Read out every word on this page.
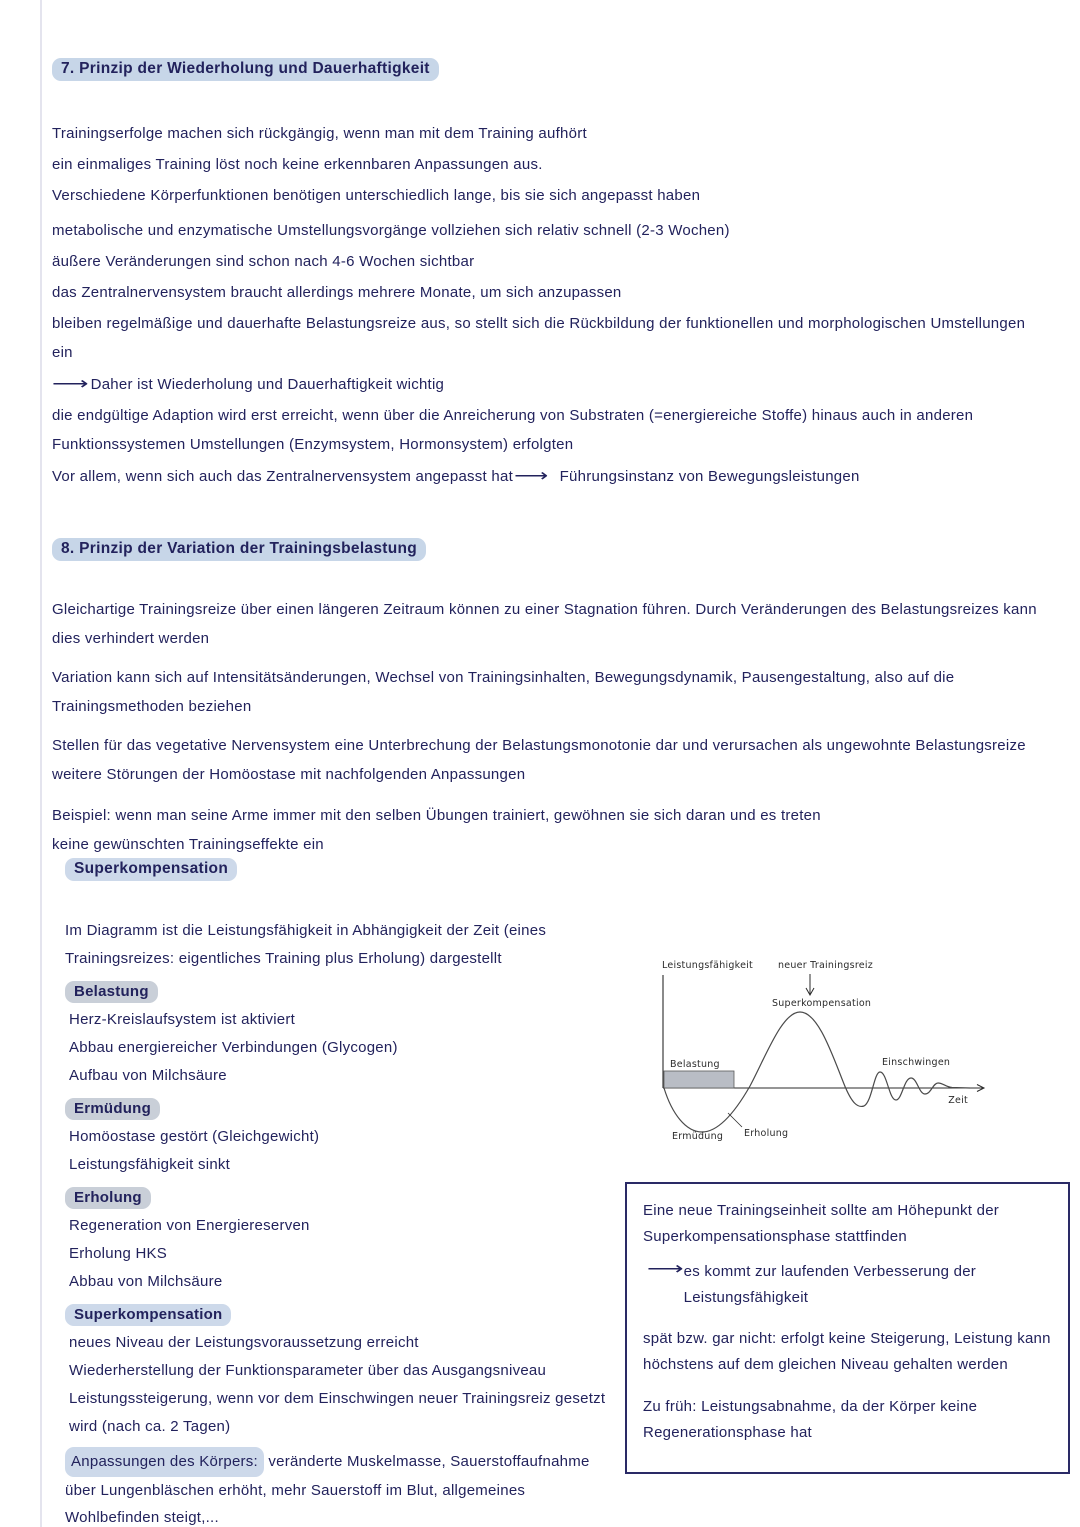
7. Prinzip der Wiederholung und Dauerhaftigkeit

Trainingserfolge machen sich rückgängig, wenn man mit dem Training aufhört

ein einmaliges Training löst noch keine erkennbaren Anpassungen aus.

Verschiedene Körperfunktionen benötigen unterschiedlich lange, bis sie sich angepasst haben

metabolische und enzymatische Umstellungsvorgänge vollziehen sich relativ schnell (2-3 Wochen)

äußere Veränderungen sind schon nach 4-6 Wochen sichtbar

das Zentralnervensystem braucht allerdings mehrere Monate, um sich anzupassen

bleiben regelmäßige und dauerhafte Belastungsreize aus, so stellt sich die Rückbildung der funktionellen und morphologischen Umstellungen ein

⟶ Daher ist Wiederholung und Dauerhaftigkeit wichtig

die endgültige Adaption wird erst erreicht, wenn über die Anreicherung von Substraten (=energiereiche Stoffe) hinaus auch in anderen Funktionssystemen Umstellungen (Enzymsystem, Hormonsystem) erfolgten

Vor allem, wenn sich auch das Zentralnervensystem angepasst hat⟶ Führungsinstanz von Bewegungsleistungen

8. Prinzip der Variation der Trainingsbelastung

Gleichartige Trainingsreize über einen längeren Zeitraum können zu einer Stagnation führen. Durch Veränderungen des Belastungsreizes kann dies verhindert werden

Variation kann sich auf Intensitätsänderungen, Wechsel von Trainingsinhalten, Bewegungsdynamik, Pausengestaltung, also auf die Trainingsmethoden beziehen

Stellen für das vegetative Nervensystem eine Unterbrechung der Belastungsmonotonie dar und verursachen als ungewohnte Belastungsreize weitere Störungen der Homöostase mit nachfolgenden Anpassungen

Beispiel: wenn man seine Arme immer mit den selben Übungen trainiert, gewöhnen sie sich daran und es treten keine gewünschten Trainingseffekte ein

Superkompensation

Im Diagramm ist die Leistungsfähigkeit in Abhängigkeit der Zeit (eines Trainingsreizes: eigentliches Training plus Erholung) dargestellt

Belastung

Herz-Kreislaufsystem ist aktiviert

Abbau energiereicher Verbindungen (Glycogen)

Aufbau von Milchsäure

Ermüdung

Homöostase gestört (Gleichgewicht)

Leistungsfähigkeit sinkt

Erholung

Regeneration von Energiereserven

Erholung HKS

Abbau von Milchsäure

Superkompensation

neues Niveau der Leistungsvoraussetzung erreicht

Wiederherstellung der Funktionsparameter über das Ausgangsniveau

Leistungssteigerung, wenn vor dem Einschwingen neuer Trainingsreiz gesetzt wird (nach ca. 2 Tagen)

Anpassungen des Körpers: veränderte Muskelmasse, Sauerstoffaufnahme über Lungenbläschen erhöht, mehr Sauerstoff im Blut, allgemeines Wohlbefinden steigt,...

Leistungsfähigkeit	neuer Trainingsreiz
Superkompensation
Belastung	Einschwingen
Zeit
Ermüdung Erholung

Eine neue Trainingseinheit sollte am Höhepunkt der Superkompensationsphase stattfinden

⟶ es kommt zur laufenden Verbesserung der Leistungsfähigkeit

spät bzw. gar nicht: erfolgt keine Steigerung, Leistung kann höchstens auf dem gleichen Niveau gehalten werden

Zu früh: Leistungsabnahme, da der Körper keine Regenerationsphase hat
